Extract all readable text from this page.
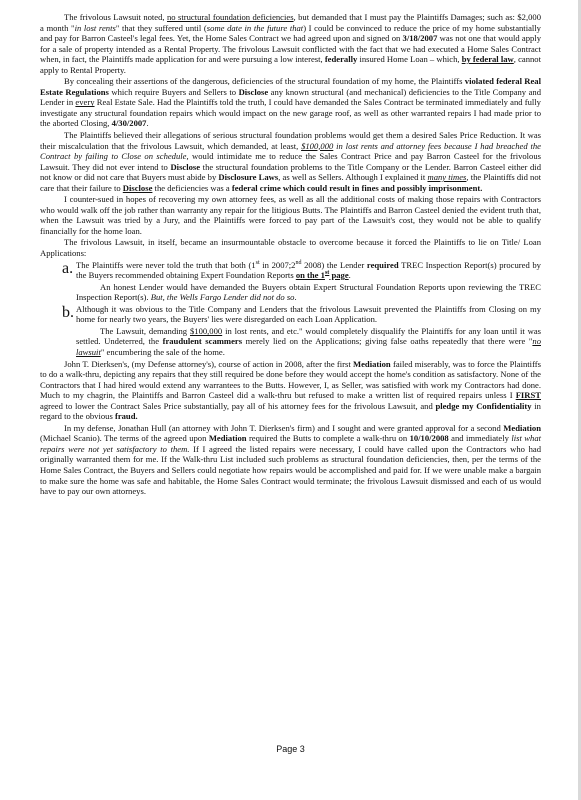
The frivolous Lawsuit noted, no structural foundation deficiencies, but demanded that I must pay the Plaintiffs Damages; such as: $2,000 a month "in lost rents" that they suffered until (some date in the future that) I could be convinced to reduce the price of my home substantially and pay for Barron Casteel's legal fees. Yet, the Home Sales Contract we had agreed upon and signed on 3/18/2007 was not one that would apply for a sale of property intended as a Rental Property. The frivolous Lawsuit conflicted with the fact that we had executed a Home Sales Contract when, in fact, the Plaintiffs made application for and were pursuing a low interest, federally insured Home Loan – which, by federal law, cannot apply to Rental Property.

By concealing their assertions of the dangerous, deficiencies of the structural foundation of my home, the Plaintiffs violated federal Real Estate Regulations which require Buyers and Sellers to Disclose any known structural (and mechanical) deficiencies to the Title Company and Lender in every Real Estate Sale. Had the Plaintiffs told the truth, I could have demanded the Sales Contract be terminated immediately and fully investigate any structural foundation repairs which would impact on the new garage roof, as well as other warranted repairs I had made prior to the aborted Closing, 4/30/2007.

The Plaintiffs believed their allegations of serious structural foundation problems would get them a desired Sales Price Reduction. It was their miscalculation that the frivolous Lawsuit, which demanded, at least, $100,000 in lost rents and attorney fees because I had breached the Contract by failing to Close on schedule, would intimidate me to reduce the Sales Contract Price and pay Barron Casteel for the frivolous Lawsuit. They did not ever intend to Disclose the structural foundation problems to the Title Company or the Lender. Barron Casteel either did not know or did not care that Buyers must abide by Disclosure Laws, as well as Sellers. Although I explained it many times, the Plaintiffs did not care that their failure to Disclose the deficiencies was a federal crime which could result in fines and possibly imprisonment.

I counter-sued in hopes of recovering my own attorney fees, as well as all the additional costs of making those repairs with Contractors who would walk off the job rather than warranty any repair for the litigious Butts. The Plaintiffs and Barron Casteel denied the evident truth that, when the Lawsuit was tried by a Jury, and the Plaintiffs were forced to pay part of the Lawsuit's cost, they would not be able to qualify financially for the home loan.

The frivolous Lawsuit, in itself, became an insurmountable obstacle to overcome because it forced the Plaintiffs to lie on Title/ Loan Applications:

a. The Plaintiffs were never told the truth that both (1st in 2007;2nd 2008) the Lender required TREC Inspection Report(s) procured by the Buyers recommended obtaining Expert Foundation Reports on the 1st page.

An honest Lender would have demanded the Buyers obtain Expert Structural Foundation Reports upon reviewing the TREC Inspection Report(s). But, the Wells Fargo Lender did not do so.

b. Although it was obvious to the Title Company and Lenders that the frivolous Lawsuit prevented the Plaintiffs from Closing on my home for nearly two years, the Buyers' lies were disregarded on each Loan Application.

The Lawsuit, demanding $100,000 in lost rents, and etc." would completely disqualify the Plaintiffs for any loan until it was settled. Undeterred, the fraudulent scammers merely lied on the Applications; giving false oaths repeatedly that there were "no lawsuit" encumbering the sale of the home.

John T. Dierksen's, (my Defense attorney's), course of action in 2008, after the first Mediation failed miserably, was to force the Plaintiffs to do a walk-thru, depicting any repairs that they still required be done before they would accept the home's condition as satisfactory. None of the Contractors that I had hired would extend any warrantees to the Butts. However, I, as Seller, was satisfied with work my Contractors had done. Much to my chagrin, the Plaintiffs and Barron Casteel did a walk-thru but refused to make a written list of required repairs unless I FIRST agreed to lower the Contract Sales Price substantially, pay all of his attorney fees for the frivolous Lawsuit, and pledge my Confidentiality in regard to the obvious fraud.

In my defense, Jonathan Hull (an attorney with John T. Dierksen's firm) and I sought and were granted approval for a second Mediation (Michael Scanio). The terms of the agreed upon Mediation required the Butts to complete a walk-thru on 10/10/2008 and immediately list what repairs were not yet satisfactory to them. If I agreed the listed repairs were necessary, I could have called upon the Contractors who had originally warranted them for me. If the Walk-thru List included such problems as structural foundation deficiencies, then, per the terms of the Home Sales Contract, the Buyers and Sellers could negotiate how repairs would be accomplished and paid for. If we were unable make a bargain to make sure the home was safe and habitable, the Home Sales Contract would terminate; the frivolous Lawsuit dismissed and each of us would have to pay our own attorneys.

Page 3
